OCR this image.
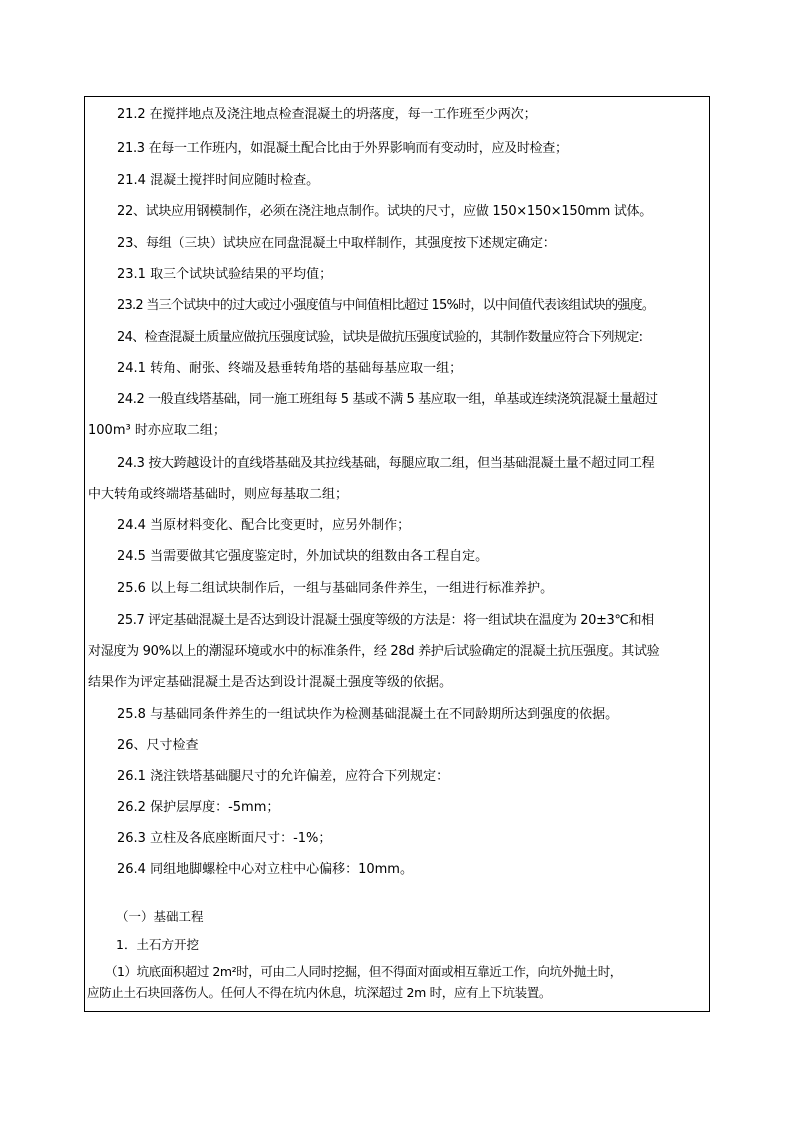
21.2 在搅拌地点及浇注地点检查混凝土的坍落度，每一工作班至少两次；
21.3 在每一工作班内，如混凝土配合比由于外界影响而有变动时，应及时检查；
21.4 混凝土搅拌时间应随时检查。
22、试块应用钢模制作，必须在浇注地点制作。试块的尺寸，应做 150×150×150mm 试体。
23、每组（三块）试块应在同盘混凝土中取样制作，其强度按下述规定确定：
23.1 取三个试块试验结果的平均值；
23.2 当三个试块中的过大或过小强度值与中间值相比超过 15%时，以中间值代表该组试块的强度。
24、检查混凝土质量应做抗压强度试验，试块是做抗压强度试验的，其制作数量应符合下列规定:
24.1 转角、耐张、终端及悬垂转角塔的基础每基应取一组；
24.2 一般直线塔基础，同一施工班组每 5 基或不满 5 基应取一组，单基或连续浇筑混凝土量超过
100m³ 时亦应取二组；
24.3 按大跨越设计的直线塔基础及其拉线基础，每腿应取二组，但当基础混凝土量不超过同工程
中大转角或终端塔基础时，则应每基取二组；
24.4 当原材料变化、配合比变更时，应另外制作；
24.5 当需要做其它强度鉴定时，外加试块的组数由各工程自定。
25.6 以上每二组试块制作后，一组与基础同条件养生，一组进行标准养护。
25.7 评定基础混凝土是否达到设计混凝土强度等级的方法是：将一组试块在温度为 20±3℃和相
对湿度为 90%以上的潮湿环境或水中的标准条件，经 28d 养护后试验确定的混凝土抗压强度。其试验
结果作为评定基础混凝土是否达到设计混凝土强度等级的依据。
25.8 与基础同条件养生的一组试块作为检测基础混凝土在不同龄期所达到强度的依据。
26、尺寸检查
26.1 浇注铁塔基础腿尺寸的允许偏差，应符合下列规定：
26.2 保护层厚度：-5mm；
26.3 立柱及各底座断面尺寸：-1%；
26.4 同组地脚螺栓中心对立柱中心偏移：10mm。
（一）基础工程
1．土石方开挖
（1）坑底面积超过 2m²时，可由二人同时挖掘，但不得面对面或相互靠近工作，向坑外抛土时，
应防止土石块回落伤人。任何人不得在坑内休息，坑深超过 2m 时，应有上下坑装置。
